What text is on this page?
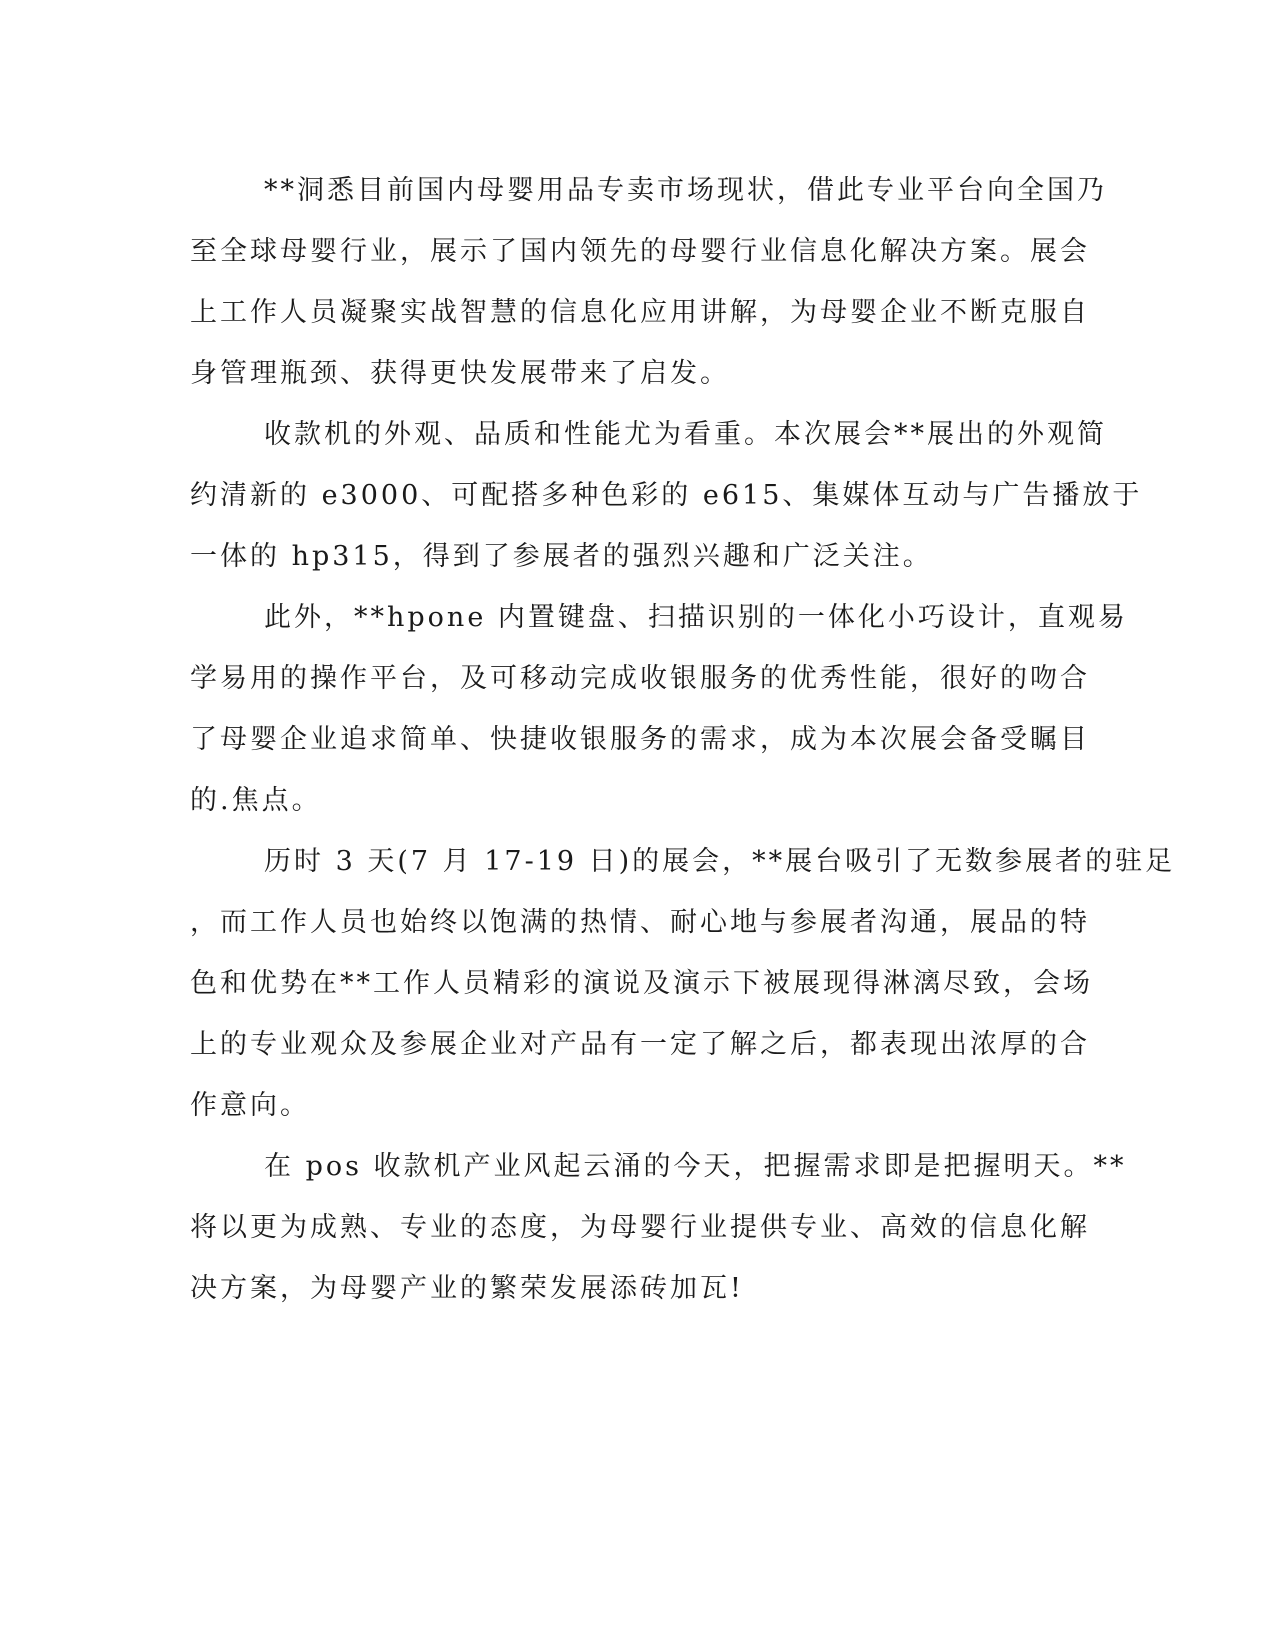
**洞悉目前国内母婴用品专卖市场现状，借此专业平台向全国乃
至全球母婴行业，展示了国内领先的母婴行业信息化解决方案。展会
上工作人员凝聚实战智慧的信息化应用讲解，为母婴企业不断克服自
身管理瓶颈、获得更快发展带来了启发。
收款机的外观、品质和性能尤为看重。本次展会**展出的外观简
约清新的 e3000、可配搭多种色彩的 e615、集媒体互动与广告播放于
一体的 hp315，得到了参展者的强烈兴趣和广泛关注。
此外，**hpone 内置键盘、扫描识别的一体化小巧设计，直观易
学易用的操作平台，及可移动完成收银服务的优秀性能，很好的吻合
了母婴企业追求简单、快捷收银服务的需求，成为本次展会备受瞩目
的.焦点。
历时 3 天(7 月 17-19 日)的展会，**展台吸引了无数参展者的驻足
，而工作人员也始终以饱满的热情、耐心地与参展者沟通，展品的特
色和优势在**工作人员精彩的演说及演示下被展现得淋漓尽致，会场
上的专业观众及参展企业对产品有一定了解之后，都表现出浓厚的合
作意向。
在 pos 收款机产业风起云涌的今天，把握需求即是把握明天。**
将以更为成熟、专业的态度，为母婴行业提供专业、高效的信息化解
决方案，为母婴产业的繁荣发展添砖加瓦!
